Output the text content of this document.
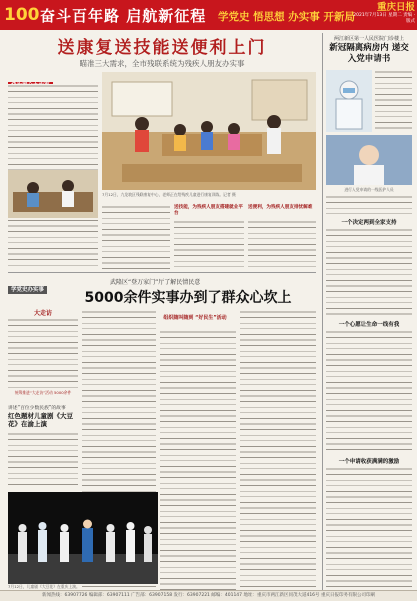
100 奋斗百年路 启航新征程 学党史 悟思想 办实事 开新局
重庆日报
2021年7月13日 星期二 责编 · 版式
送康复送技能送便利上门
瞄准三大需求，全市残联系统为残疾人朋友办实事
7月12日，九龙坡区残联康复中心，老师正在给残疾儿童进行康复训练。记者 摄
送技能，为残疾人朋友搭建就业平台
送便利，为残疾人朋友排忧解难
学党史办实事
武隆区“登万家门”厅了解民情民意
5000余件实事办到了群众心坎上
大走访
统筹推进“大走访”活动 5000余件
组织随叫随到 “好民生”活动
讲述“百位少数民族”的故事
红色题材儿童剧《大豆花》在渝上演
7月12日，儿童剧《大豆花》在重庆上演。
两江新区第一人民医院门诊楼上
新冠隔离病房内 递交入党申请书
进行入党申请的一线医护人员
一个决定两到全家支持
一个心愿让生命一线有我
一个申请收获满满的激励
新闻热线：63907726 编辑部：63907111 广告部：63907158 发行：63907221 邮编：401147 地址：重庆市两江新区同茂大道416号 重庆日报印务有限公司印刷
